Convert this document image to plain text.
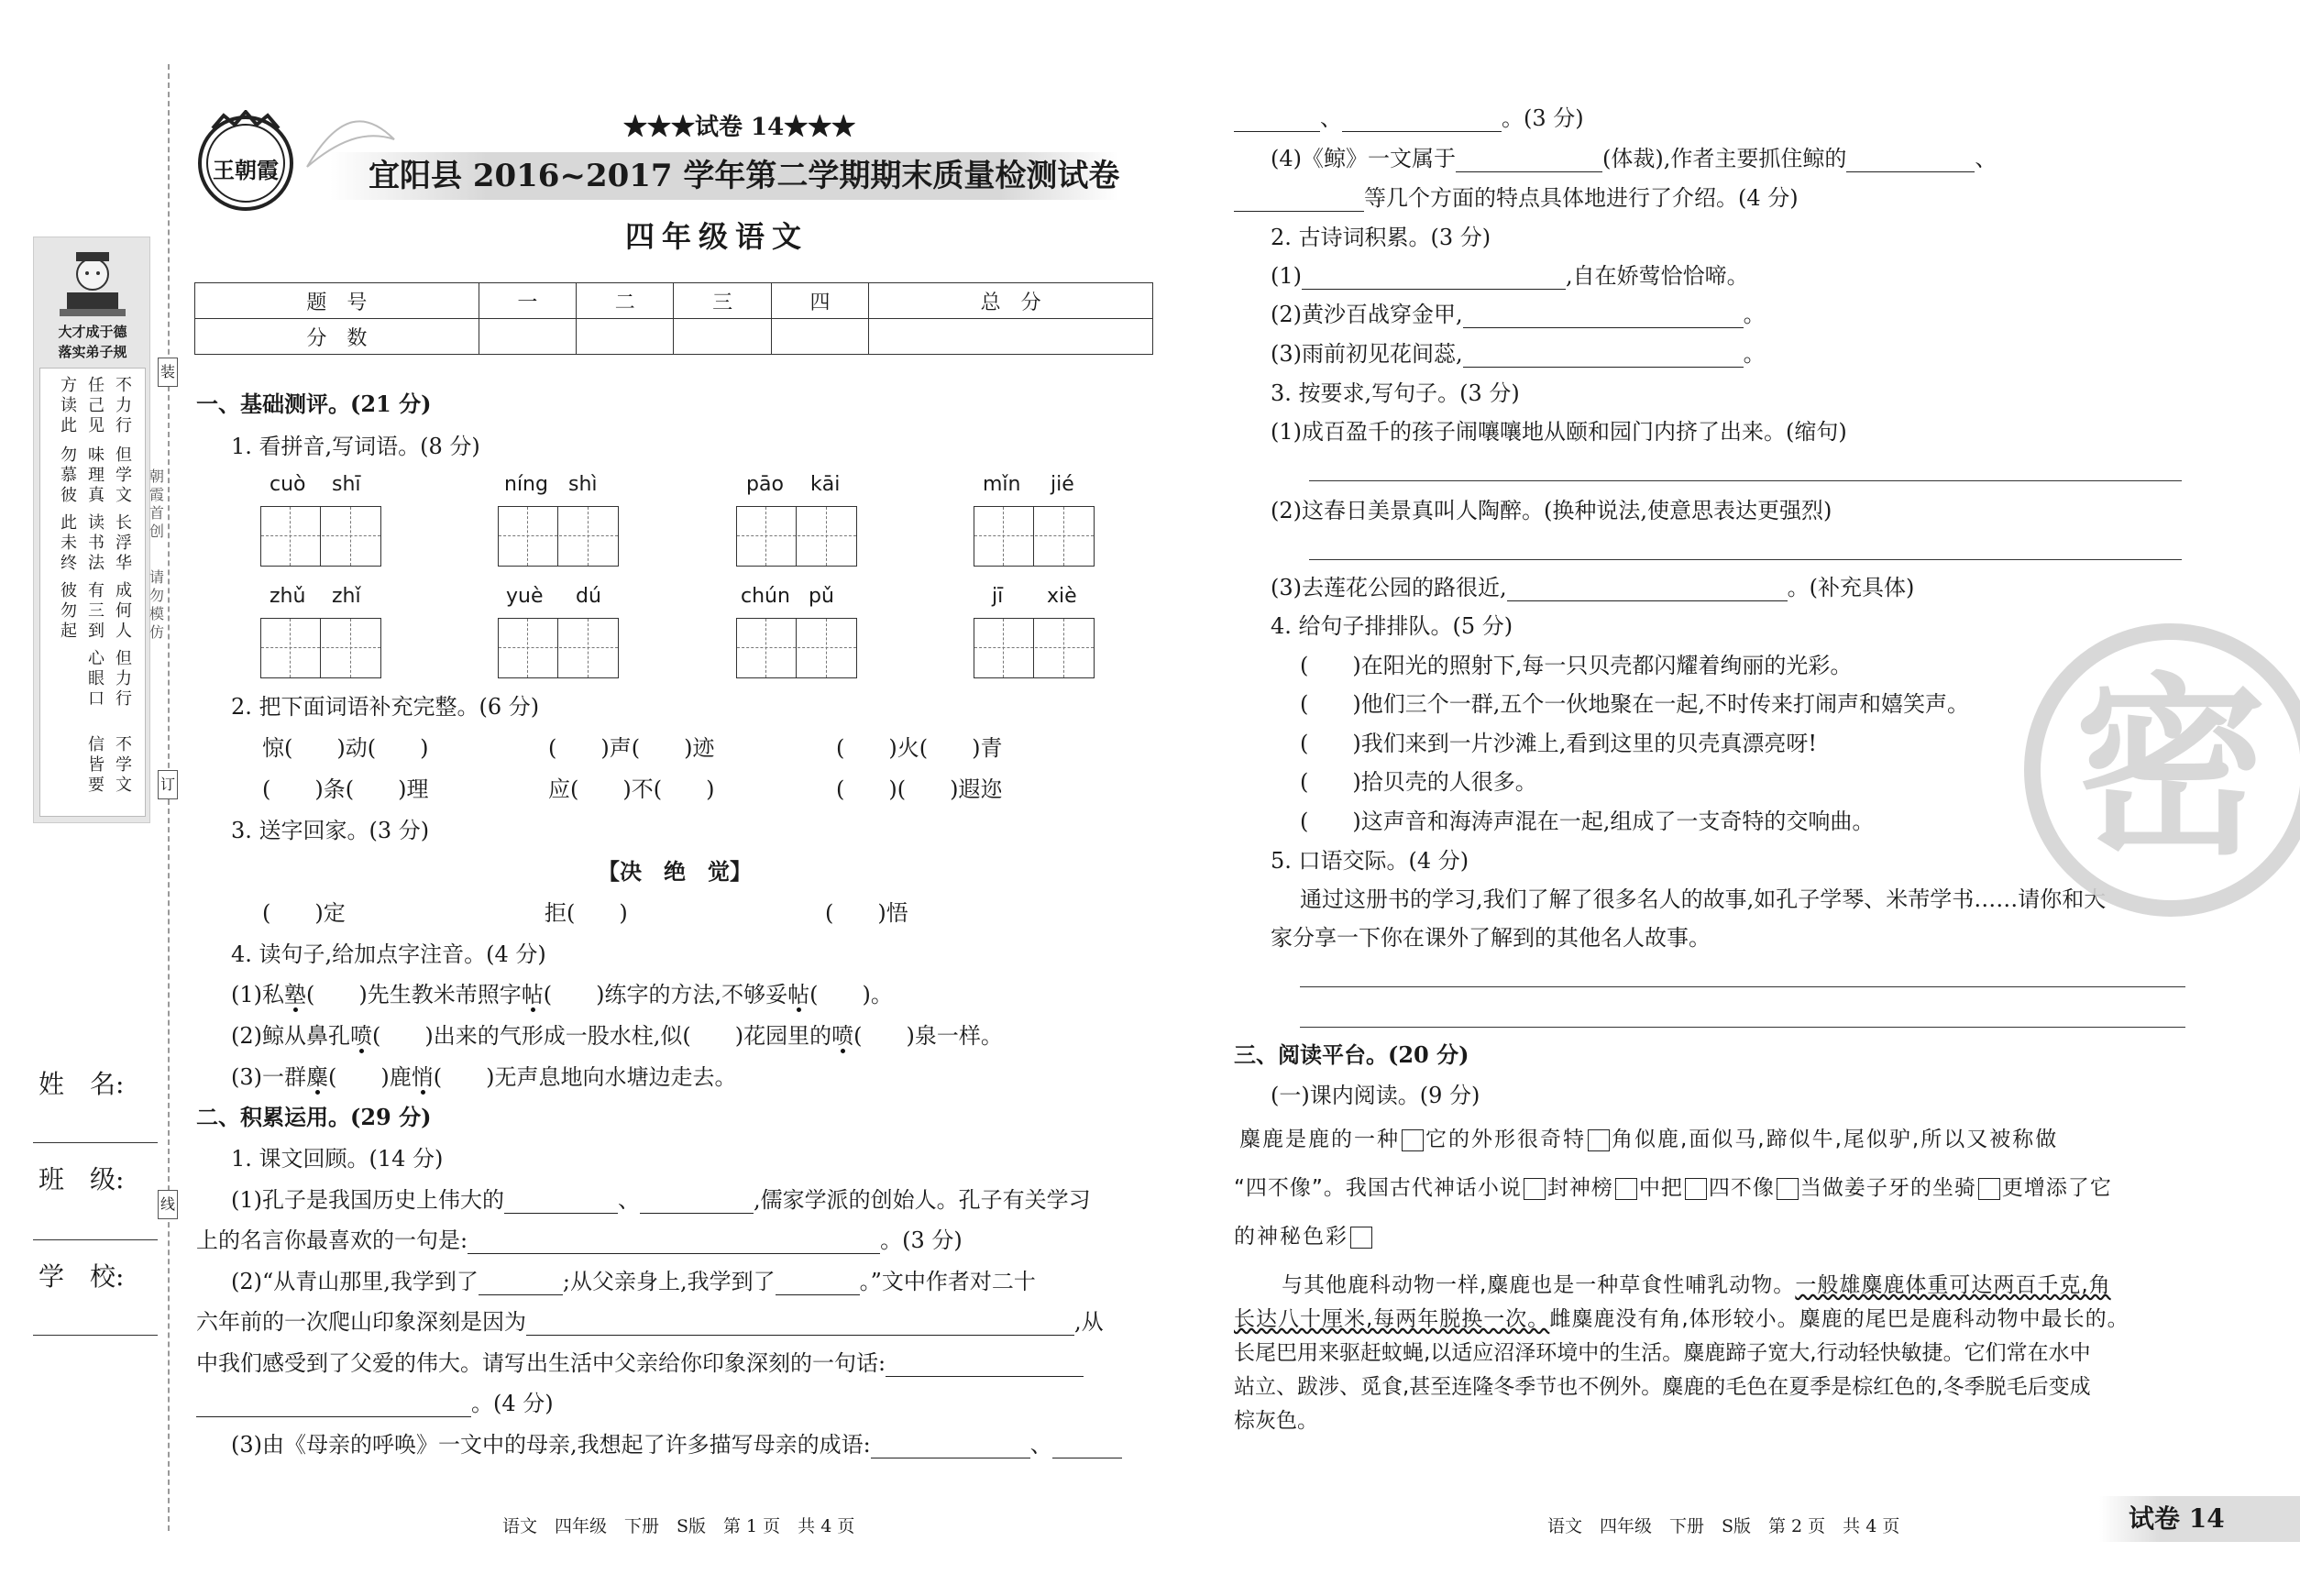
装
订
线
大才成于德
落实弟子规
不力行
但学文
长浮华
成何人
但力行
不学文
任己见
味理真
读书法
有三到
心眼口
信皆要
方读此
勿慕彼
此未终
彼勿起
朝霞首创
请勿模仿
姓　名:
班　级:
学　校:
王朝霞
★★★试卷 14★★★
宜阳县 2016~2017 学年第二学期期末质量检测试卷
四年级语文
题　号	一	二	三	四	总　分
分　数					
一、基础测评。(21 分)
1. 看拼音,写词语。(8 分)
cuò shī	níng shì	pāo kāi	mǐn jié
zhǔ zhǐ	yuè dú	chún pǔ	jī xiè
2. 把下面词语补充完整。(6 分)
惊(　　)动(　　)	(　　)声(　　)迹	(　　)火(　　)青
(　　)条(　　)理	应(　　)不(　　)	(　　)(　　)遐迩
3. 送字回家。(3 分)
【决　绝　觉】
(　　)定	拒(　　)	(　　)悟
4. 读句子,给加点字注音。(4 分)
(1)私塾(　　)先生教米芾照字帖(　　)练字的方法,不够妥帖(　　)。
(2)鲸从鼻孔喷(　　)出来的气形成一股水柱,似(　　)花园里的喷(　　)泉一样。
(3)一群麋(　　)鹿悄(　　)无声息地向水塘边走去。
二、积累运用。(29 分)
1. 课文回顾。(14 分)
(1)孔子是我国历史上伟大的	、	,儒家学派的创始人。孔子有关学习
上的名言你最喜欢的一句是:	。(3 分)
(2)“从青山那里,我学到了	;从父亲身上,我学到了	。”文中作者对二十
六年前的一次爬山印象深刻是因为	,从
中我们感受到了父爱的伟大。请写出生活中父亲给你印象深刻的一句话:
。(4 分)
(3)由《母亲的呼唤》一文中的母亲,我想起了许多描写母亲的成语:	、
语文　四年级　下册　S版　第 1 页　共 4 页
、	。(3 分)
(4)《鲸》一文属于	(体裁),作者主要抓住鲸的	、
等几个方面的特点具体地进行了介绍。(4 分)
2. 古诗词积累。(3 分)
(1)	,自在娇莺恰恰啼。
(2)黄沙百战穿金甲,	。
(3)雨前初见花间蕊,	。
3. 按要求,写句子。(3 分)
(1)成百盈千的孩子闹嚷嚷地从颐和园门内挤了出来。(缩句)
(2)这春日美景真叫人陶醉。(换种说法,使意思表达更强烈)
(3)去莲花公园的路很近,	。(补充具体)
4. 给句子排排队。(5 分)
(　　)在阳光的照射下,每一只贝壳都闪耀着绚丽的光彩。
(　　)他们三个一群,五个一伙地聚在一起,不时传来打闹声和嬉笑声。
(　　)我们来到一片沙滩上,看到这里的贝壳真漂亮呀!
(　　)拾贝壳的人很多。
(　　)这声音和海涛声混在一起,组成了一支奇特的交响曲。
5. 口语交际。(4 分)
通过这册书的学习,我们了解了很多名人的故事,如孔子学琴、米芾学书……请你和大
家分享一下你在课外了解到的其他名人故事。
三、阅读平台。(20 分)
(一)课内阅读。(9 分)
麋鹿是鹿的一种 它的外形很奇特 角似鹿,面似马,蹄似牛,尾似驴,所以又被称做
“四不像”。我国古代神话小说 封神榜 中把 四不像 当做姜子牙的坐骑 更增添了它
的神秘色彩
与其他鹿科动物一样,麋鹿也是一种草食性哺乳动物。一般雄麋鹿体重可达两百千克,角
长达八十厘米,每两年脱换一次。雌麋鹿没有角,体形较小。麋鹿的尾巴是鹿科动物中最长的。
长尾巴用来驱赶蚊蝇,以适应沼泽环境中的生活。麋鹿蹄子宽大,行动轻快敏捷。它们常在水中
站立、跋涉、觅食,甚至连隆冬季节也不例外。麋鹿的毛色在夏季是棕红色的,冬季脱毛后变成
棕灰色。
语文　四年级　下册　S版　第 2 页　共 4 页	试卷 14
密
